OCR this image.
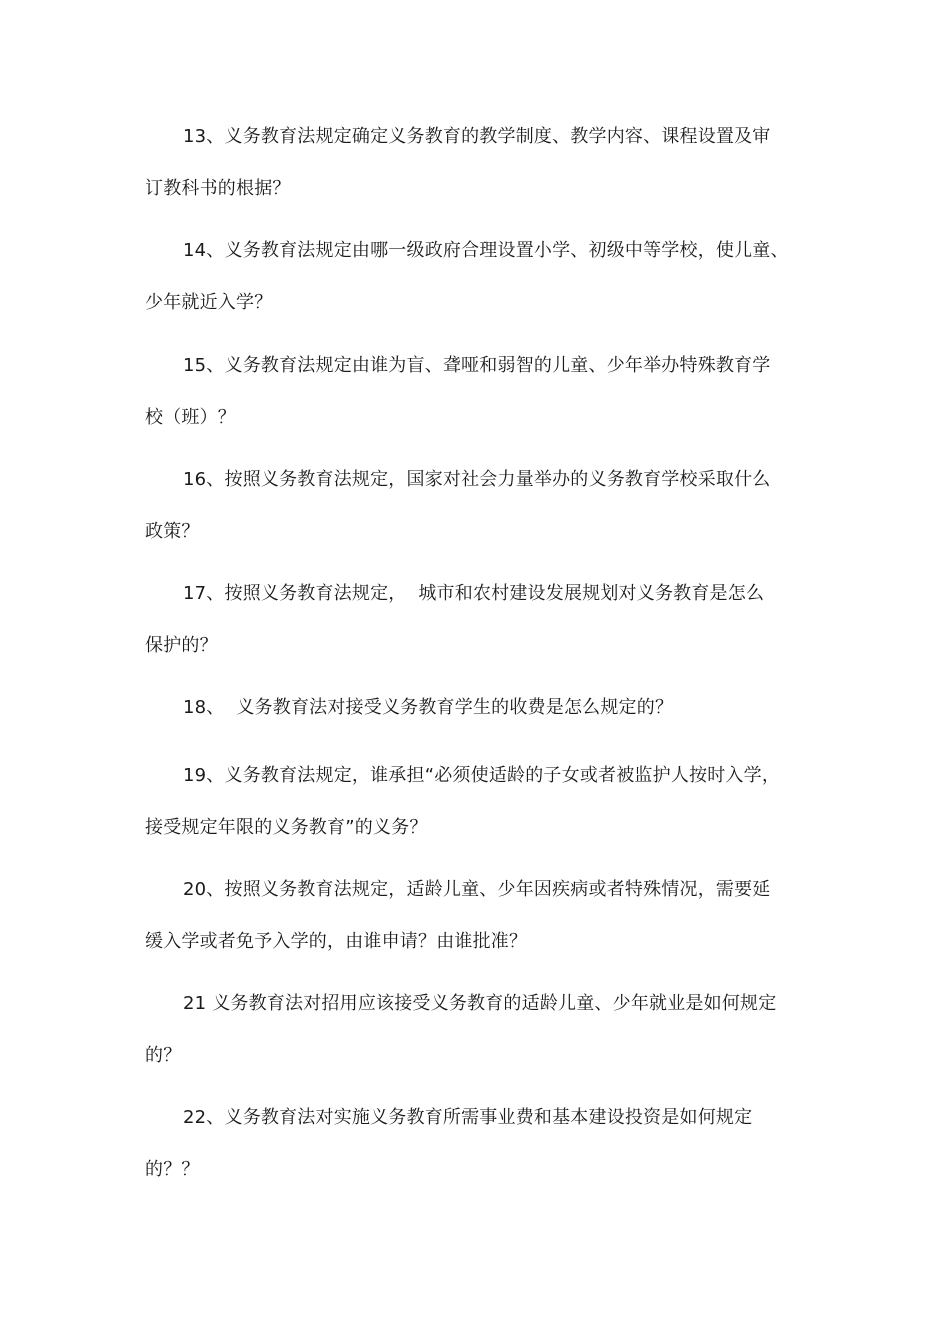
13、义务教育法规定确定义务教育的教学制度、教学内容、课程设置及审
订教科书的根据？
14、义务教育法规定由哪一级政府合理设置小学、初级中等学校，使儿童、
少年就近入学？
15、义务教育法规定由谁为盲、聋哑和弱智的儿童、少年举办特殊教育学
校（班）？
16、按照义务教育法规定，国家对社会力量举办的义务教育学校采取什么
政策？
17、按照义务教育法规定，  城市和农村建设发展规划对义务教育是怎么
保护的？
18、  义务教育法对接受义务教育学生的收费是怎么规定的？
19、义务教育法规定，谁承担“必须使适龄的子女或者被监护人按时入学，
接受规定年限的义务教育”的义务？
20、按照义务教育法规定，适龄儿童、少年因疾病或者特殊情况，需要延
缓入学或者免予入学的，由谁申请？由谁批准？
21 义务教育法对招用应该接受义务教育的适龄儿童、少年就业是如何规定
的？
22、义务教育法对实施义务教育所需事业费和基本建设投资是如何规定
的？？
